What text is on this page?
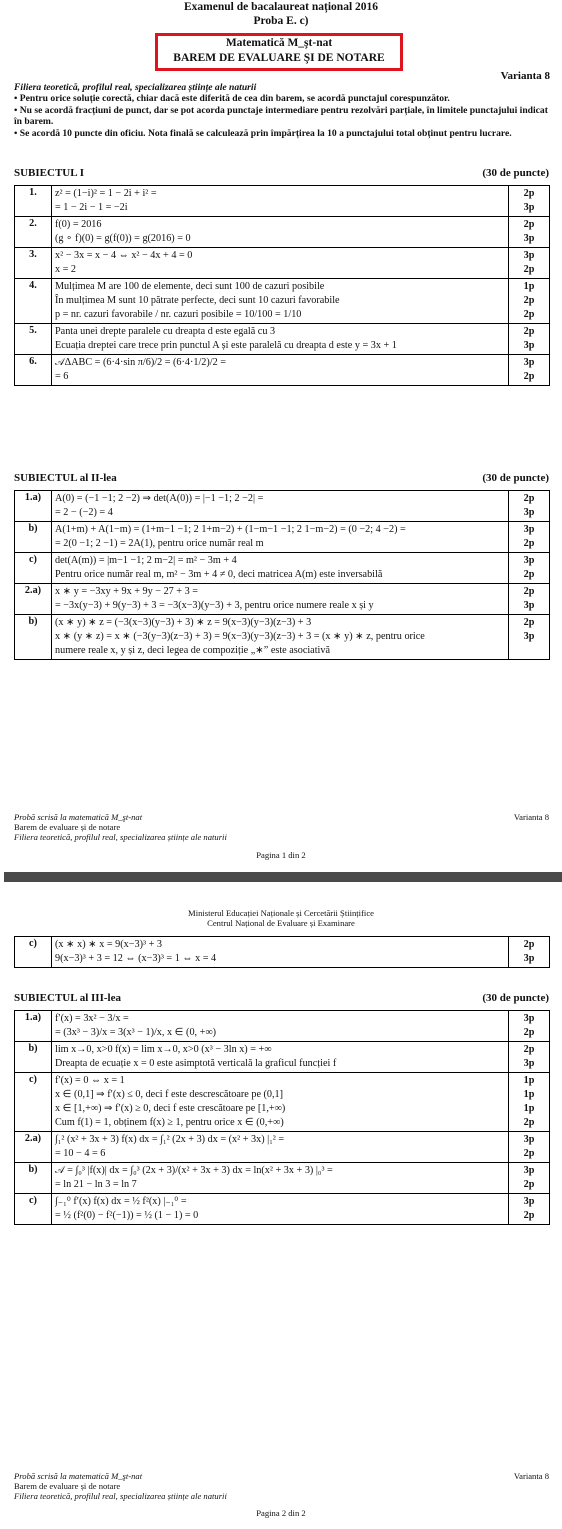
Examenul de bacalaureat național 2016
Proba E. c)
Matematică M_şt-nat
BAREM DE EVALUARE ŞI DE NOTARE
Varianta 8
Filiera teoretică, profilul real, specializarea științe ale naturii
• Pentru orice soluție corectă, chiar dacă este diferită de cea din barem, se acordă punctajul corespunzător.
• Nu se acordă fracțiuni de punct, dar se pot acorda punctaje intermediare pentru rezolvări parțiale, în limitele punctajului indicat în barem.
• Se acordă 10 puncte din oficiu. Nota finală se calculează prin împărțirea la 10 a punctajului total obținut pentru lucrare.
SUBIECTUL I	(30 de puncte)
1.	z² = (1−i)² = 1 − 2i + i² =
= 1 − 2i − 1 = −2i	2p
3p

2.	f(0) = 2016
(g ∘ f)(0) = g(f(0)) = g(2016) = 0	2p
3p

3.	x² − 3x = x − 4 ⇔ x² − 4x + 4 = 0
x = 2	3p
2p

4.	Mulțimea M are 100 de elemente, deci sunt 100 de cazuri posibile
În mulțimea M sunt 10 pătrate perfecte, deci sunt 10 cazuri favorabile
p = nr. cazuri favorabile / nr. cazuri posibile = 10/100 = 1/10	1p
2p
2p

5.	Panta unei drepte paralele cu dreapta d este egală cu 3
Ecuația dreptei care trece prin punctul A și este paralelă cu dreapta d este y = 3x + 1	2p
3p

6.	𝒜ΔABC = (6·4·sin π/6)/2 = (6·4·1/2)/2 =
= 6	3p
2p
SUBIECTUL al II-lea	(30 de puncte)
1.a)	A(0) = (−1 −1; 2 −2) ⇒ det(A(0)) = |−1 −1; 2 −2| =
= 2 − (−2) = 4	2p
3p

b)	A(1+m) + A(1−m) = (1+m−1 −1; 2 1+m−2) + (1−m−1 −1; 2 1−m−2) = (0 −2; 4 −2) =
= 2(0 −1; 2 −1) = 2A(1), pentru orice număr real m	3p
2p

c)	det(A(m)) = |m−1 −1; 2 m−2| = m² − 3m + 4
Pentru orice număr real m, m² − 3m + 4 ≠ 0, deci matricea A(m) este inversabilă	3p
2p

2.a)	x ∗ y = −3xy + 9x + 9y − 27 + 3 =
= −3x(y−3) + 9(y−3) + 3 = −3(x−3)(y−3) + 3, pentru orice numere reale x și y	2p
3p

b)	(x ∗ y) ∗ z = (−3(x−3)(y−3) + 3) ∗ z = 9(x−3)(y−3)(z−3) + 3
x ∗ (y ∗ z) = x ∗ (−3(y−3)(z−3) + 3) = 9(x−3)(y−3)(z−3) + 3 = (x ∗ y) ∗ z, pentru orice
numere reale x, y și z, deci legea de compoziție „∗” este asociativă	2p
3p
Probă scrisă la matematică M_şt-nat
Barem de evaluare și de notare
Filiera teoretică, profilul real, specializarea științe ale naturii
Varianta 8
Pagina 1 din 2
Ministerul Educației Naționale și Cercetării Științifice
Centrul Național de Evaluare și Examinare
c)	(x ∗ x) ∗ x = 9(x−3)³ + 3
9(x−3)³ + 3 = 12 ⇔ (x−3)³ = 1 ⇔ x = 4

2p
3p
SUBIECTUL al III-lea	(30 de puncte)
1.a)	f′(x) = 3x² − 3/x =
= (3x³ − 3)/x = 3(x³ − 1)/x, x ∈ (0, +∞)	3p
2p

b)	lim x→0, x>0 f(x) = lim x→0, x>0 (x³ − 3ln x) = +∞
Dreapta de ecuație x = 0 este asimptotă verticală la graficul funcției f	2p
3p

c)	f′(x) = 0 ⇔ x = 1
x ∈ (0,1] ⇒ f′(x) ≤ 0, deci f este descrescătoare pe (0,1]
x ∈ [1,+∞) ⇒ f′(x) ≥ 0, deci f este crescătoare pe [1,+∞)
Cum f(1) = 1, obținem f(x) ≥ 1, pentru orice x ∈ (0,+∞)	1p
1p
1p
2p

2.a)	∫₁² (x² + 3x + 3) f(x) dx = ∫₁² (2x + 3) dx = (x² + 3x) |₁² =
= 10 − 4 = 6	3p
2p

b)	𝒜 = ∫₀³ |f(x)| dx = ∫₀³ (2x + 3)/(x² + 3x + 3) dx = ln(x² + 3x + 3) |₀³ =
= ln 21 − ln 3 = ln 7	3p
2p

c)	∫₋₁⁰ f′(x) f(x) dx = ½ f²(x) |₋₁⁰ =
= ½ (f²(0) − f²(−1)) = ½ (1 − 1) = 0	3p
2p
Probă scrisă la matematică M_şt-nat
Barem de evaluare și de notare
Filiera teoretică, profilul real, specializarea științe ale naturii
Varianta 8
Pagina 2 din 2
